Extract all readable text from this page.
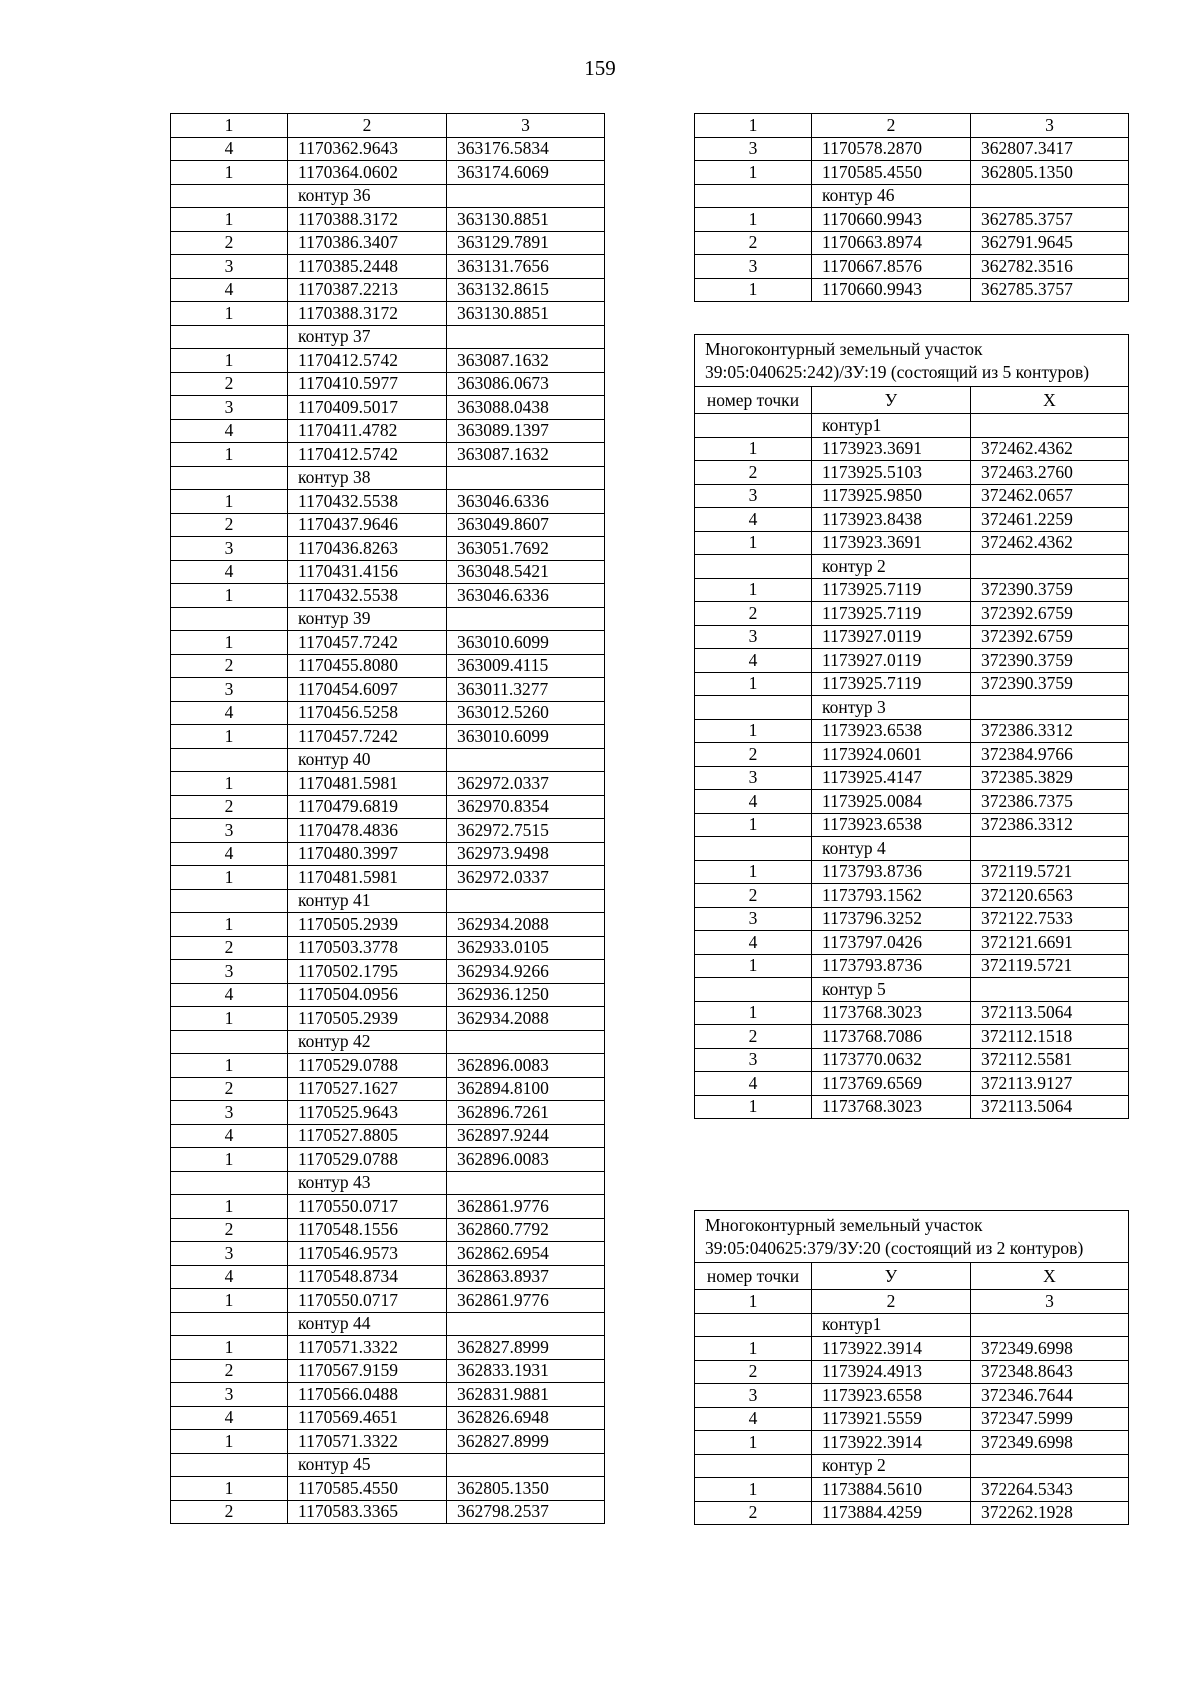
159
1	2	3
4	1170362.9643	363176.5834
1	1170364.0602	363174.6069
	контур 36	
1	1170388.3172	363130.8851
2	1170386.3407	363129.7891
3	1170385.2448	363131.7656
4	1170387.2213	363132.8615
1	1170388.3172	363130.8851
	контур 37	
1	1170412.5742	363087.1632
2	1170410.5977	363086.0673
3	1170409.5017	363088.0438
4	1170411.4782	363089.1397
1	1170412.5742	363087.1632
	контур 38	
1	1170432.5538	363046.6336
2	1170437.9646	363049.8607
3	1170436.8263	363051.7692
4	1170431.4156	363048.5421
1	1170432.5538	363046.6336
	контур 39	
1	1170457.7242	363010.6099
2	1170455.8080	363009.4115
3	1170454.6097	363011.3277
4	1170456.5258	363012.5260
1	1170457.7242	363010.6099
	контур 40	
1	1170481.5981	362972.0337
2	1170479.6819	362970.8354
3	1170478.4836	362972.7515
4	1170480.3997	362973.9498
1	1170481.5981	362972.0337
	контур 41	
1	1170505.2939	362934.2088
2	1170503.3778	362933.0105
3	1170502.1795	362934.9266
4	1170504.0956	362936.1250
1	1170505.2939	362934.2088
	контур 42	
1	1170529.0788	362896.0083
2	1170527.1627	362894.8100
3	1170525.9643	362896.7261
4	1170527.8805	362897.9244
1	1170529.0788	362896.0083
	контур 43	
1	1170550.0717	362861.9776
2	1170548.1556	362860.7792
3	1170546.9573	362862.6954
4	1170548.8734	362863.8937
1	1170550.0717	362861.9776
	контур 44	
1	1170571.3322	362827.8999
2	1170567.9159	362833.1931
3	1170566.0488	362831.9881
4	1170569.4651	362826.6948
1	1170571.3322	362827.8999
	контур 45	
1	1170585.4550	362805.1350
2	1170583.3365	362798.2537
1	2	3
3	1170578.2870	362807.3417
1	1170585.4550	362805.1350
	контур 46	
1	1170660.9943	362785.3757
2	1170663.8974	362791.9645
3	1170667.8576	362782.3516
1	1170660.9943	362785.3757
Многоконтурный земельный участок 39:05:040625:242)/ЗУ:19 (состоящий из 5 контуров)		
номер точки	У	Х
	контур1	
1	1173923.3691	372462.4362
2	1173925.5103	372463.2760
3	1173925.9850	372462.0657
4	1173923.8438	372461.2259
1	1173923.3691	372462.4362
	контур 2	
1	1173925.7119	372390.3759
2	1173925.7119	372392.6759
3	1173927.0119	372392.6759
4	1173927.0119	372390.3759
1	1173925.7119	372390.3759
	контур 3	
1	1173923.6538	372386.3312
2	1173924.0601	372384.9766
3	1173925.4147	372385.3829
4	1173925.0084	372386.7375
1	1173923.6538	372386.3312
	контур 4	
1	1173793.8736	372119.5721
2	1173793.1562	372120.6563
3	1173796.3252	372122.7533
4	1173797.0426	372121.6691
1	1173793.8736	372119.5721
	контур 5	
1	1173768.3023	372113.5064
2	1173768.7086	372112.1518
3	1173770.0632	372112.5581
4	1173769.6569	372113.9127
1	1173768.3023	372113.5064
Многоконтурный земельный участок 39:05:040625:379/ЗУ:20 (состоящий из 2 контуров)		
номер точки	У	Х
1	2	3
	контур1	
1	1173922.3914	372349.6998
2	1173924.4913	372348.8643
3	1173923.6558	372346.7644
4	1173921.5559	372347.5999
1	1173922.3914	372349.6998
	контур 2	
1	1173884.5610	372264.5343
2	1173884.4259	372262.1928
